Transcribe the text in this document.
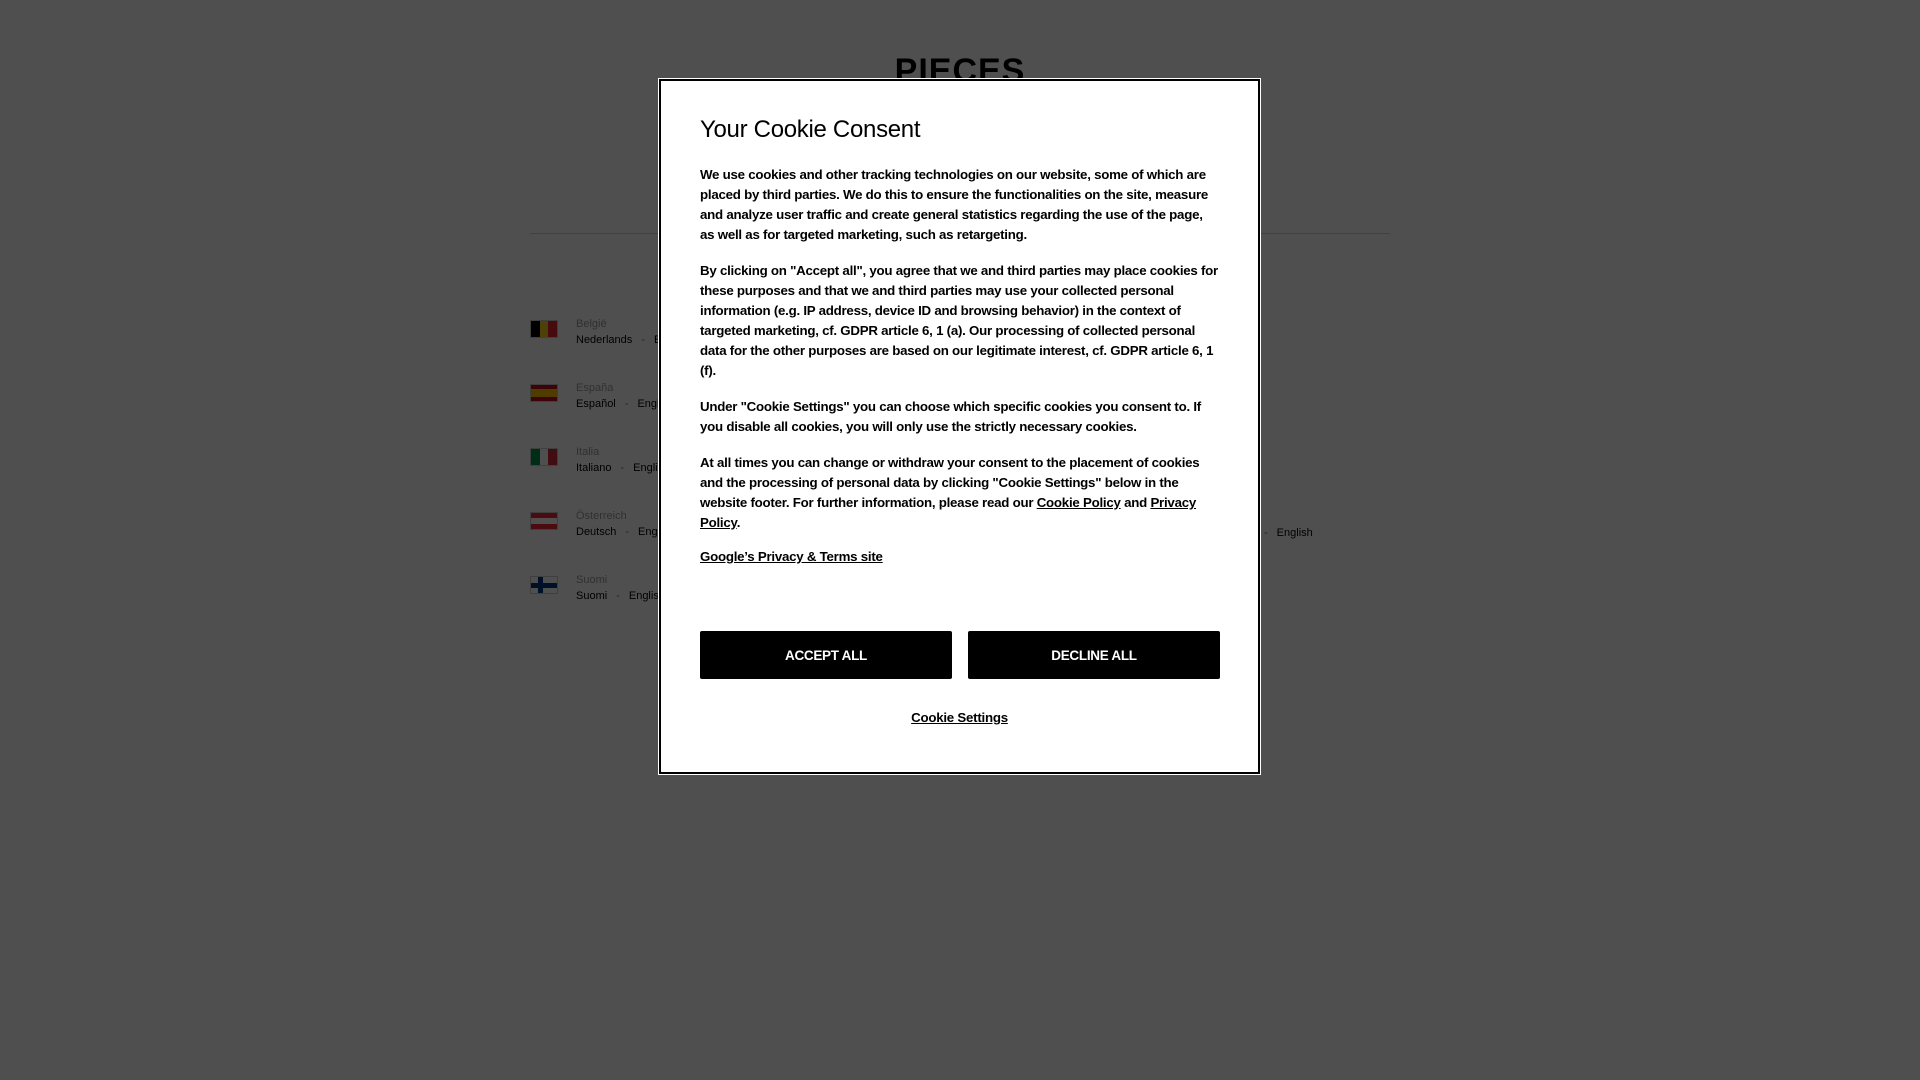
Your Cookie Consent

We use cookies and other tracking technologies on our website, some of which are placed by third parties. We do this to ensure the functionalities on the site, measure and analyze user traffic and create general statistics regarding the use of the page, as well as for targeted marketing, such as retargeting.

By clicking on "Accept all", you agree that we and third parties may place cookies for these purposes and that we and third parties may use your collected personal information (e.g. IP address, device ID and browsing behavior) in the context of targeted marketing, cf. GDPR article 6, 1 (a). Our processing of collected personal data for the other purposes are based on our legitimate interest, cf. GDPR article 6, 1 (f).

Under "Cookie Settings" you can choose which specific cookies you consent to. If you disable all cookies, you will only use the strictly necessary cookies.

At all times you can change or withdraw your consent to the placement of cookies and the processing of personal data by clicking "Cookie Settings" below in the website footer. For further information, please read our Cookie Policy and Privacy Policy.

Google’s Privacy & Terms site
ACCEPT ALL	DECLINE ALL
Cookie Settings
